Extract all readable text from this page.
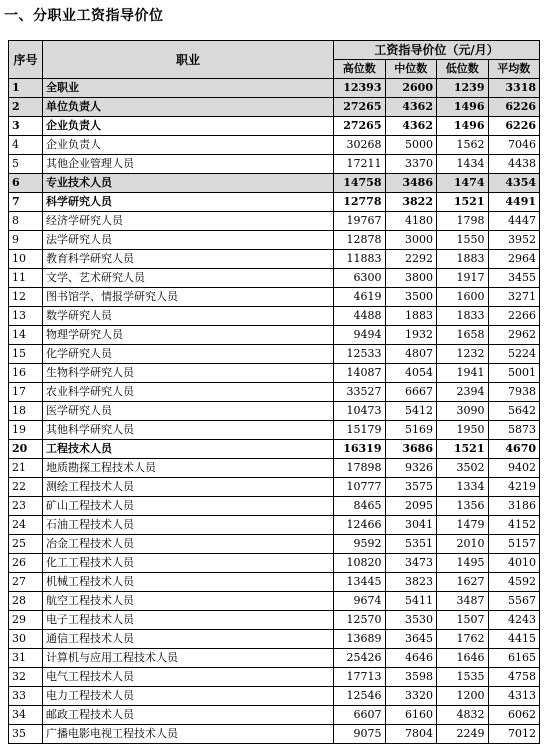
一、分职业工资指导价位
序号	职业	工资指导价位（元/月）			
		高位数	中位数	低位数	平均数
1	全职业	12393	2600	1239	3318
2	单位负责人	27265	4362	1496	6226
3	企业负责人	27265	4362	1496	6226
4	企业负责人	30268	5000	1562	7046
5	其他企业管理人员	17211	3370	1434	4438
6	专业技术人员	14758	3486	1474	4354
7	科学研究人员	12778	3822	1521	4491
8	经济学研究人员	19767	4180	1798	4447
9	法学研究人员	12878	3000	1550	3952
10	教育科学研究人员	11883	2292	1883	2964
11	文学、艺术研究人员	6300	3800	1917	3455
12	图书馆学、情报学研究人员	4619	3500	1600	3271
13	数学研究人员	4488	1883	1833	2266
14	物理学研究人员	9494	1932	1658	2962
15	化学研究人员	12533	4807	1232	5224
16	生物科学研究人员	14087	4054	1941	5001
17	农业科学研究人员	33527	6667	2394	7938
18	医学研究人员	10473	5412	3090	5642
19	其他科学研究人员	15179	5169	1950	5873
20	工程技术人员	16319	3686	1521	4670
21	地质勘探工程技术人员	17898	9326	3502	9402
22	测绘工程技术人员	10777	3575	1334	4219
23	矿山工程技术人员	8465	2095	1356	3186
24	石油工程技术人员	12466	3041	1479	4152
25	冶金工程技术人员	9592	5351	2010	5157
26	化工工程技术人员	10820	3473	1495	4010
27	机械工程技术人员	13445	3823	1627	4592
28	航空工程技术人员	9674	5411	3487	5567
29	电子工程技术人员	12570	3530	1507	4243
30	通信工程技术人员	13689	3645	1762	4415
31	计算机与应用工程技术人员	25426	4646	1646	6165
32	电气工程技术人员	17713	3598	1535	4758
33	电力工程技术人员	12546	3320	1200	4313
34	邮政工程技术人员	6607	6160	4832	6062
35	广播电影电视工程技术人员	9075	7804	2249	7012
